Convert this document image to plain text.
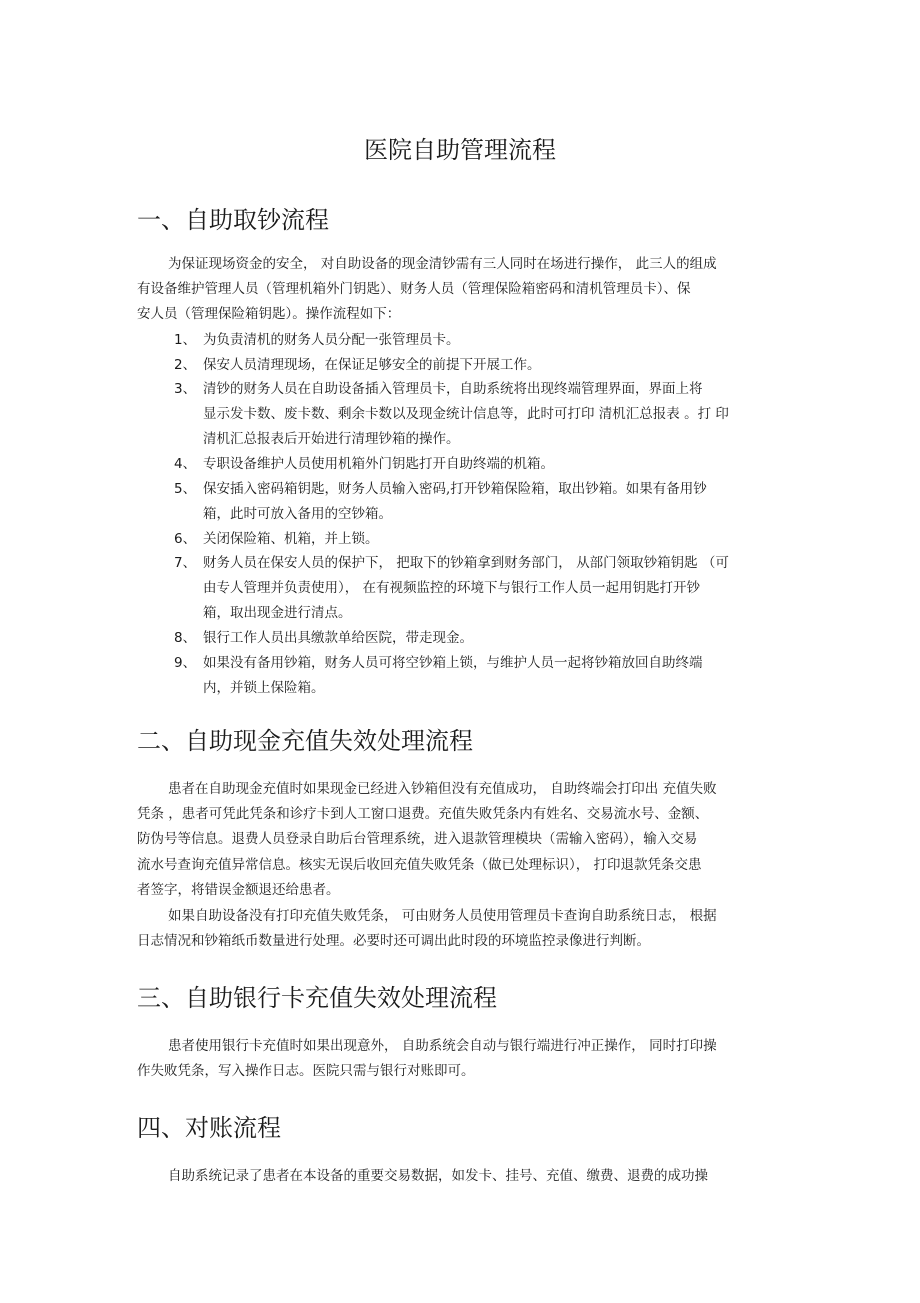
医院自助管理流程
一、自助取钞流程

为保证现场资金的安全， 对自助设备的现金清钞需有三人同时在场进行操作， 此三人的组成

有设备维护管理人员（管理机箱外门钥匙）、财务人员（管理保险箱密码和清机管理员卡）、保

安人员（管理保险箱钥匙）。操作流程如下：

1、 为负责清机的财务人员分配一张管理员卡。

2、 保安人员清理现场，在保证足够安全的前提下开展工作。

3、 清钞的财务人员在自助设备插入管理员卡，自助系统将出现终端管理界面，界面上将

显示发卡数、废卡数、剩余卡数以及现金统计信息等，此时可打印 清机汇总报表 。打 印

清机汇总报表后开始进行清理钞箱的操作。

4、 专职设备维护人员使用机箱外门钥匙打开自助终端的机箱。

5、 保安插入密码箱钥匙，财务人员输入密码,打开钞箱保险箱，取出钞箱。如果有备用钞

箱，此时可放入备用的空钞箱。

6、 关闭保险箱、机箱，并上锁。

7、 财务人员在保安人员的保护下， 把取下的钞箱拿到财务部门， 从部门领取钞箱钥匙 （可

由专人管理并负责使用）， 在有视频监控的环境下与银行工作人员一起用钥匙打开钞

箱，取出现金进行清点。

8、 银行工作人员出具缴款单给医院，带走现金。

9、 如果没有备用钞箱，财务人员可将空钞箱上锁，与维护人员一起将钞箱放回自助终端

内，并锁上保险箱。

二、自助现金充值失效处理流程

患者在自助现金充值时如果现金已经进入钞箱但没有充值成功， 自助终端会打印出 充值失败

凭条 ，患者可凭此凭条和诊疗卡到人工窗口退费。充值失败凭条内有姓名、交易流水号、金额、

防伪号等信息。退费人员登录自助后台管理系统，进入退款管理模块（需输入密码），输入交易

流水号查询充值异常信息。核实无误后收回充值失败凭条（做已处理标识）， 打印退款凭条交患

者签字，将错误金额退还给患者。

如果自助设备没有打印充值失败凭条， 可由财务人员使用管理员卡查询自助系统日志， 根据

日志情况和钞箱纸币数量进行处理。必要时还可调出此时段的环境监控录像进行判断。

三、自助银行卡充值失效处理流程

患者使用银行卡充值时如果出现意外， 自助系统会自动与银行端进行冲正操作， 同时打印操

作失败凭条，写入操作日志。医院只需与银行对账即可。

四、对账流程

自助系统记录了患者在本设备的重要交易数据，如发卡、挂号、充值、缴费、退费的成功操
